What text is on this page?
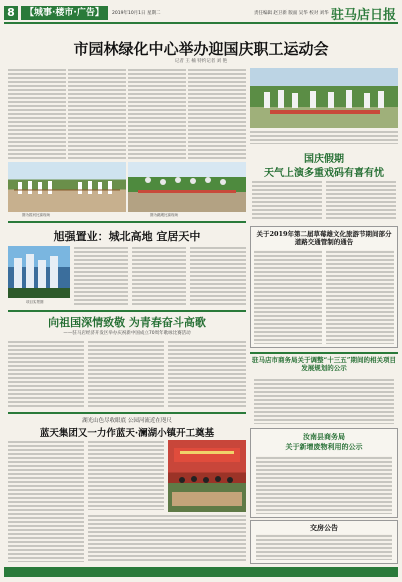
8	【城事·楼市·广告】	2019年10月1日 星期二	责任编辑 赵卫新 版面 吴华 校对 刘华 驻马店日报
市园林绿化中心举办迎国庆职工运动会
记者 王 楠 特约记者 刘 艳
图为拔河比赛现场	图为跳绳比赛现场
国庆假期
天气上演多重戏码有喜有忧
旭强置业：城北高地 宜居天中
项目实景图
关于2019年第二届草莓雄文化旅游节期间部分道路交通管制的通告
向祖国深情致敬 为青春奋斗高歌
——驻马店经济开发区举办庆祝新中国成立70周年歌咏比赛活动
驻马店市商务局关于调整“十三五”期间的相关项目发展规划的公示
湖光山色尽收眼底 公园河流近在咫尺
蓝天集团又一力作蓝天·澜湖小镇开工奠基	汝南县商务局
关于新增废物利用的公示
交房公告
